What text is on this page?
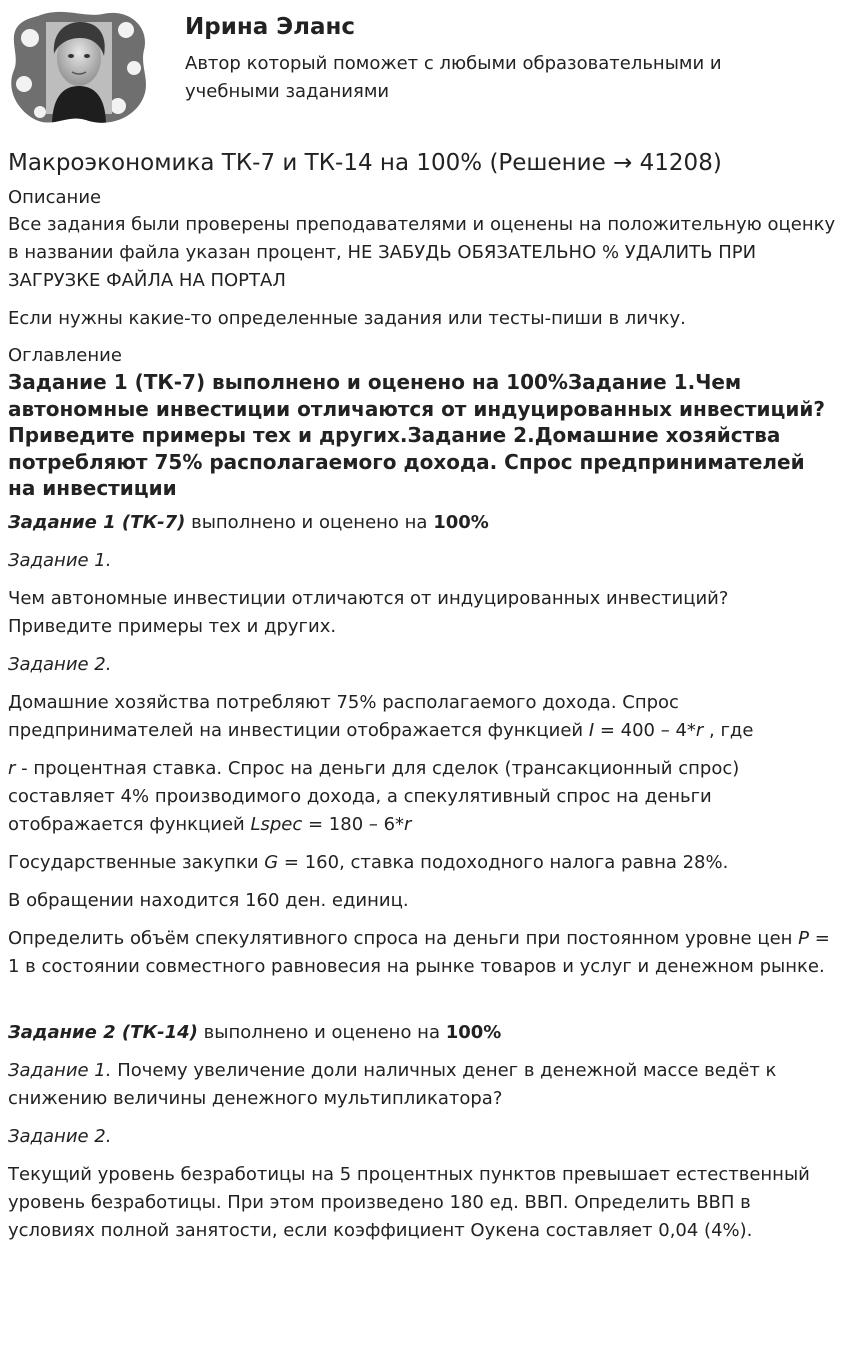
Ирина Эланс
Автор который поможет с любыми образовательными и учебными заданиями
Макроэкономика ТК-7 и ТК-14 на 100% (Решение → 41208)
Описание

Все задания были проверены преподавателями и оценены на положительную оценку в названии файла указан процент, НЕ ЗАБУДЬ ОБЯЗАТЕЛЬНО % УДАЛИТЬ ПРИ ЗАГРУЗКЕ ФАЙЛА НА ПОРТАЛ

Если нужны какие-то определенные задания или тесты-пиши в личку.

Оглавление
Задание 1 (ТК-7) выполнено и оценено на 100%Задание 1.Чем автономные инвестиции отличаются от индуцированных инвестиций? Приведите примеры тех и других.Задание 2.Домашние хозяйства потребляют 75% располагаемого дохода. Спрос предпринимателей на инвестиции

Задание 1 (ТК-7) выполнено и оценено на 100%

Задание 1.

Чем автономные инвестиции отличаются от индуцированных инвестиций? Приведите примеры тех и других.

Задание 2.

Домашние хозяйства потребляют 75% располагаемого дохода. Спрос предпринимателей на инвестиции отображается функцией I = 400 – 4*r , где

r - процентная ставка. Спрос на деньги для сделок (трансакционный спрос) составляет 4% производимого дохода, а спекулятивный спрос на деньги отображается функцией Lspec = 180 – 6*r

Государственные закупки G = 160, ставка подоходного налога равна 28%.

В обращении находится 160 ден. единиц.

Определить объём спекулятивного спроса на деньги при постоянном уровне цен P = 1 в состоянии совместного равновесия на рынке товаров и услуг и денежном рынке.

Задание 2 (ТК-14) выполнено и оценено на 100%

Задание 1. Почему увеличение доли наличных денег в денежной массе ведёт к снижению величины денежного мультипликатора?

Задание 2.

Текущий уровень безработицы на 5 процентных пунктов превышает естественный уровень безработицы. При этом произведено 180 ед. ВВП. Определить ВВП в условиях полной занятости, если коэффициент Оукена составляет 0,04 (4%).
